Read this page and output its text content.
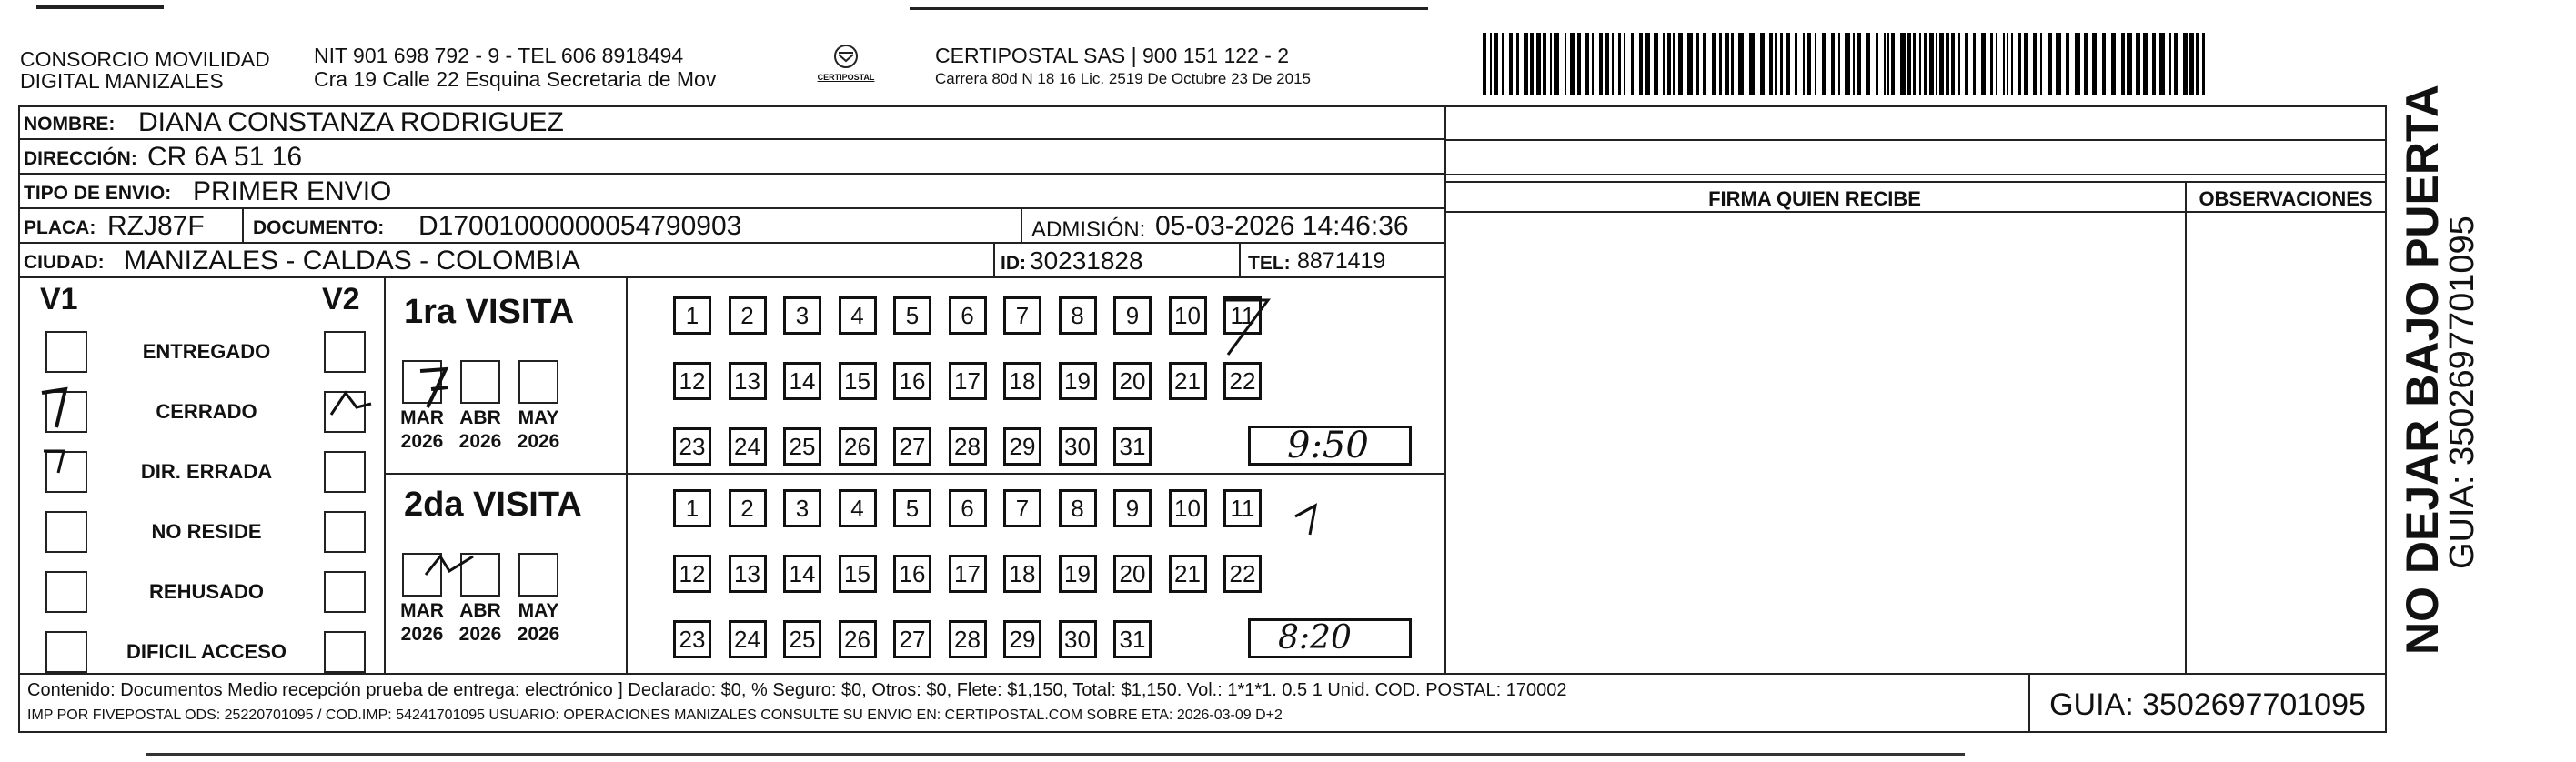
CONSORCIO MOVILIDAD
DIGITAL MANIZALES
NIT 901 698 792 - 9 - TEL 606 8918494
Cra 19 Calle 22 Esquina Secretaria de Mov	CERTIPOSTAL
CERTIPOSTAL SAS | 900 151 122 - 2
Carrera 80d N 18 16 Lic. 2519 De Octubre 23 De 2015
NOMBRE: DIANA CONSTANZA RODRIGUEZ
DIRECCIÓN: CR 6A 51 16
TIPO DE ENVIO: PRIMER ENVIO
PLACA: RZJ87F	DOCUMENTO: D17001000000054790903	ADMISIÓN: 05-03-2026 14:46:36
CIUDAD: MANIZALES - CALDAS - COLOMBIA	ID: 30231828	TEL: 8871419
FIRMA QUIEN RECIBE	OBSERVACIONES
V1	V2
ENTREGADO
CERRADO
DIR. ERRADA
NO RESIDE
REHUSADO
DIFICIL ACCESO
1ra VISITA
2da VISITA
MAR
2026
ABR
2026
MAY
2026
MAR
2026
ABR
2026
MAY
2026
1	2	3	4	5	6	7	8	9	10 11
12 13 14 15 16 17 18 19 20 21 22
23 24 25 26 27 28 29 30 31
1	2	3	4	5	6	7	8	9	10 11
12 13 14 15 16 17 18 19 20 21 22
23 24 25 26 27 28 29 30 31
9:50
8:20
Contenido: Documentos Medio recepción prueba de entrega: electrónico ] Declarado: $0, % Seguro: $0, Otros: $0, Flete: $1,150, Total: $1,150. Vol.: 1*1*1. 0.5 1 Unid. COD. POSTAL: 170002
IMP POR FIVEPOSTAL ODS: 25220701095 / COD.IMP: 54241701095 USUARIO: OPERACIONES MANIZALES CONSULTE SU ENVIO EN: CERTIPOSTAL.COM SOBRE ETA: 2026-03-09 D+2	GUIA: 3502697701095
NO DEJAR BAJO PUERTA
GUIA: 3502697701095
